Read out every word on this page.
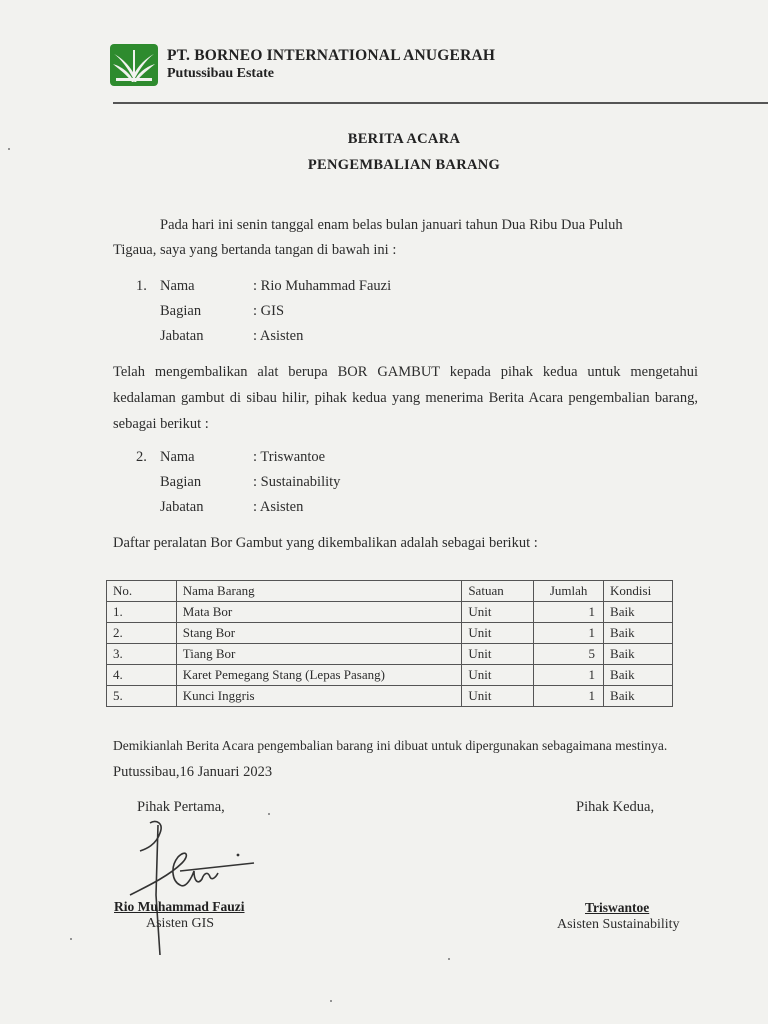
PT. BORNEO INTERNATIONAL ANUGERAH
Putussibau Estate
BERITA ACARA
PENGEMBALIAN BARANG
Pada hari ini senin tanggal enam belas bulan januari tahun Dua Ribu Dua Puluh
Tigaua, saya yang bertanda tangan di bawah ini :
1. Nama	: Rio Muhammad Fauzi
Bagian	: GIS
Jabatan	: Asisten
Telah mengembalikan alat berupa BOR GAMBUT kepada pihak kedua untuk mengetahui kedalaman gambut di sibau hilir, pihak kedua yang menerima Berita Acara pengembalian barang, sebagai berikut :
2. Nama	: Triswantoe
Bagian	: Sustainability
Jabatan	: Asisten
Daftar peralatan Bor Gambut yang dikembalikan adalah sebagai berikut :
No.	Nama Barang	Satuan	Jumlah	Kondisi
1.	Mata Bor	Unit	1	Baik
2.	Stang Bor	Unit	1	Baik
3.	Tiang Bor	Unit	5	Baik
4.	Karet Pemegang Stang (Lepas Pasang)	Unit	1	Baik
5.	Kunci Inggris	Unit	1	Baik
Demikianlah Berita Acara pengembalian barang ini dibuat untuk dipergunakan sebagaimana mestinya.
Putussibau,16 Januari 2023
Pihak Pertama,	Pihak Kedua,
Rio Muhammad Fauzi
Asisten GIS
Triswantoe
Asisten Sustainability
